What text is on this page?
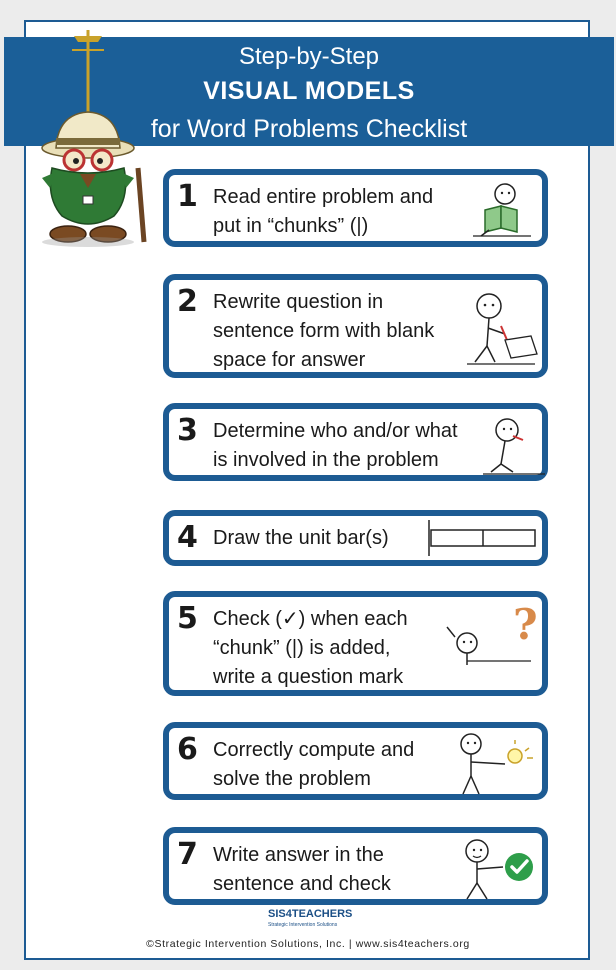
Step-by-Step
VISUAL MODELS
for Word Problems Checklist
1 Read entire problem and
put in “chunks” (|)
2 Rewrite question in
sentence form with blank
space for answer
3 Determine who and/or what
is involved in the problem
4 Draw the unit bar(s)
5 Check (✓) when each
“chunk” (|) is added,
write a question mark
?
6 Correctly compute and
solve the problem
7 Write answer in the
sentence and check
SIS4TEACHERS
Strategic Intervention Solutions
©Strategic Intervention Solutions, Inc. | www.sis4teachers.org
